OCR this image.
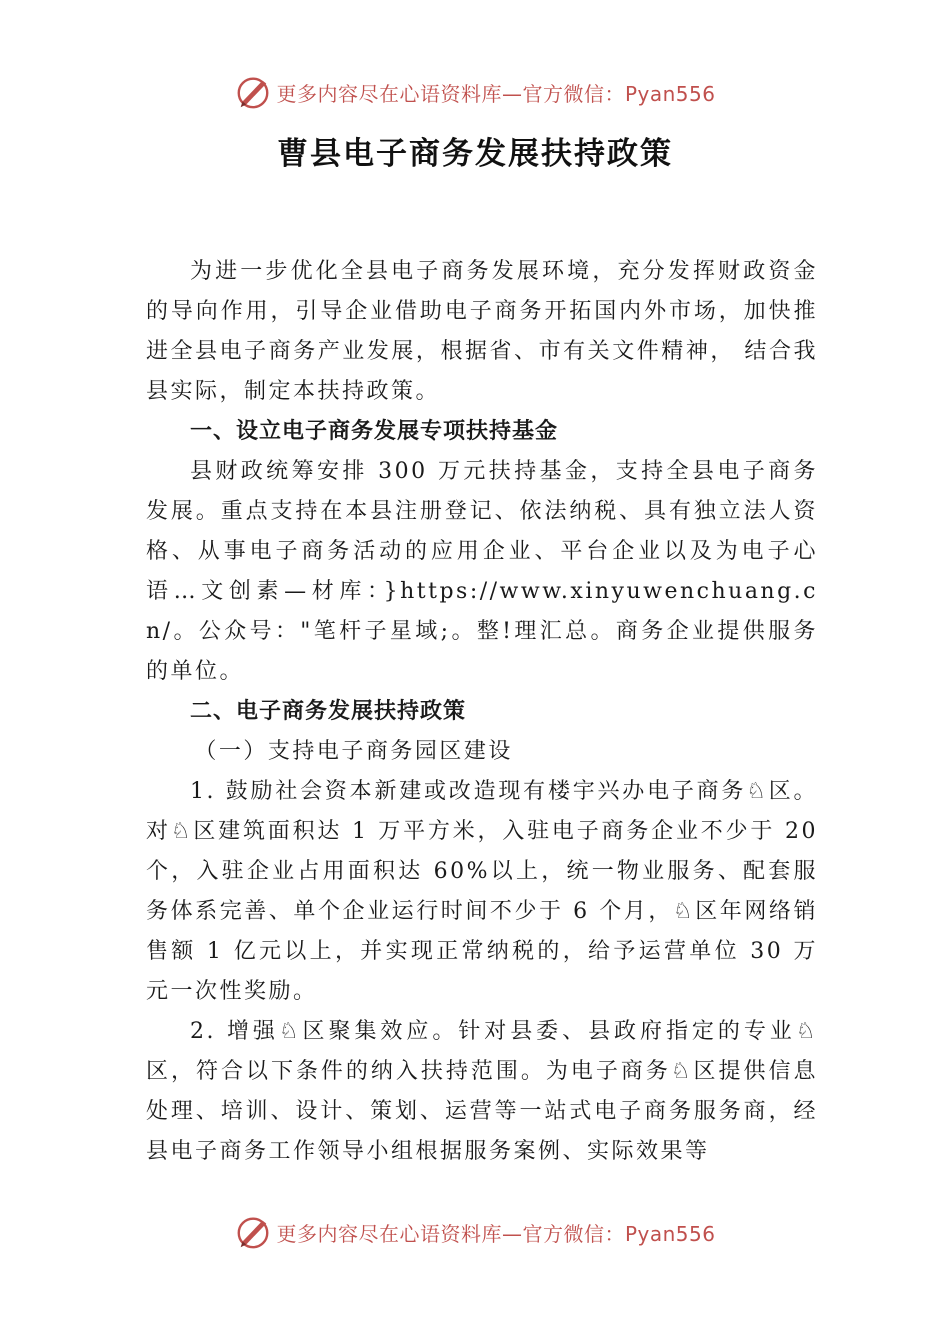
更多内容尽在心语资料库—官方微信：Pyan556
曹县电子商务发展扶持政策

为进一步优化全县电子商务发展环境，充分发挥财政资金的导向作用，引导企业借助电子商务开拓国内外市场，加快推进全县电子商务产业发展，根据省、市有关文件精神， 结合我县实际，制定本扶持政策。

一、设立电子商务发展专项扶持基金

县财政统筹安排 300 万元扶持基金，支持全县电子商务发展。重点支持在本县注册登记、依法纳税、具有独立法人资格、从事电子商务活动的应用企业、平台企业以及为电子心语…文创素—材库：}https://www.xinyuwenchuang.cn/。公众号："笔杆子星域;。整!理汇总。商务企业提供服务的单位。

二、电子商务发展扶持政策

（一）支持电子商务园区建设

1. 鼓励社会资本新建或改造现有楼宇兴办电子商务♘区。对♘区建筑面积达 1 万平方米，入驻电子商务企业不少于 20 个，入驻企业占用面积达 60%以上，统一物业服务、配套服务体系完善、单个企业运行时间不少于 6 个月，♘区年网络销售额 1 亿元以上，并实现正常纳税的，给予运营单位 30 万元一次性奖励。

2. 增强♘区聚集效应。针对县委、县政府指定的专业♘区，符合以下条件的纳入扶持范围。为电子商务♘区提供信息处理、培训、设计、策划、运营等一站式电子商务服务商，经县电子商务工作领导小组根据服务案例、实际效果等

更多内容尽在心语资料库—官方微信：Pyan556
